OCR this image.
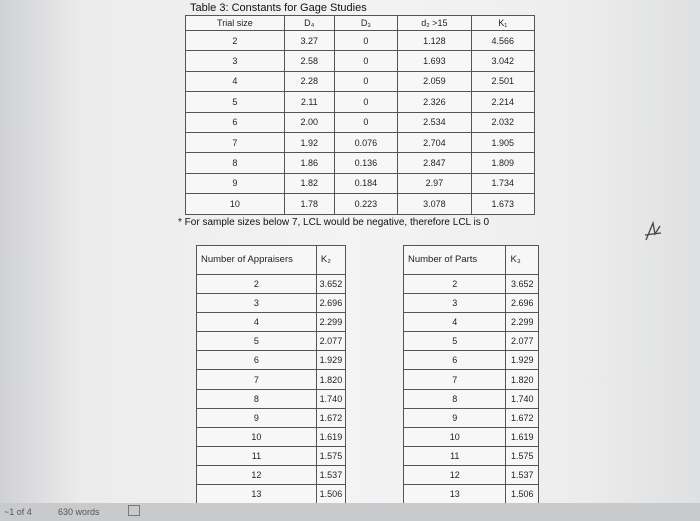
Table 3: Constants for Gage Studies
Trial size	D₄	D₃	d₂ >15	K₁
2	3.27	0	1.128	4.566
3	2.58	0	1.693	3.042
4	2.28	0	2.059	2.501
5	2.11	0	2.326	2.214
6	2.00	0	2.534	2.032
7	1.92	0.076	2.704	1.905
8	1.86	0.136	2.847	1.809
9	1.82	0.184	2.97	1.734
10	1.78	0.223	3.078	1.673
* For sample sizes below 7, LCL would be negative, therefore LCL is 0
Number of Appraisers	K₂
2	3.652
3	2.696
4	2.299
5	2.077
6	1.929
7	1.820
8	1.740
9	1.672
10	1.619
11	1.575
12	1.537
13	1.506
Number of Parts	K₃
2	3.652
3	2.696
4	2.299
5	2.077
6	1.929
7	1.820
8	1.740
9	1.672
10	1.619
11	1.575
12	1.537
13	1.506
~1 of 4	630 words
